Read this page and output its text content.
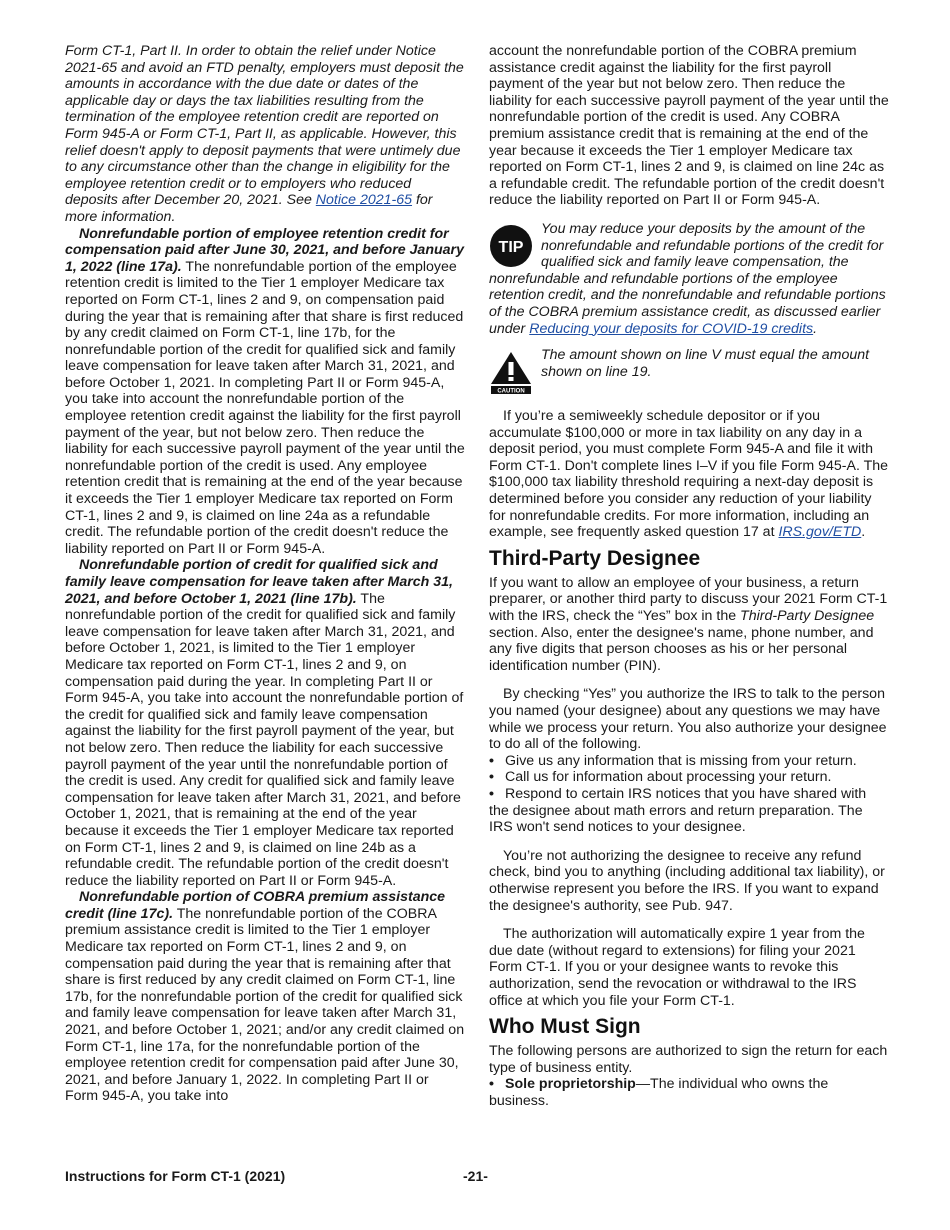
Form CT-1, Part II. In order to obtain the relief under Notice 2021-65 and avoid an FTD penalty, employers must deposit the amounts in accordance with the due date or dates of the applicable day or days the tax liabilities resulting from the termination of the employee retention credit are reported on Form 945-A or Form CT-1, Part II, as applicable. However, this relief doesn't apply to deposit payments that were untimely due to any circumstance other than the change in eligibility for the employee retention credit or to employers who reduced deposits after December 20, 2021. See Notice 2021-65 for more information.

Nonrefundable portion of employee retention credit for compensation paid after June 30, 2021, and before January 1, 2022 (line 17a). The nonrefundable portion of the employee retention credit is limited to the Tier 1 employer Medicare tax reported on Form CT-1, lines 2 and 9, on compensation paid during the year that is remaining after that share is first reduced by any credit claimed on Form CT-1, line 17b, for the nonrefundable portion of the credit for qualified sick and family leave compensation for leave taken after March 31, 2021, and before October 1, 2021. In completing Part II or Form 945-A, you take into account the nonrefundable portion of the employee retention credit against the liability for the first payroll payment of the year, but not below zero. Then reduce the liability for each successive payroll payment of the year until the nonrefundable portion of the credit is used. Any employee retention credit that is remaining at the end of the year because it exceeds the Tier 1 employer Medicare tax reported on Form CT-1, lines 2 and 9, is claimed on line 24a as a refundable credit. The refundable portion of the credit doesn't reduce the liability reported on Part II or Form 945-A.

Nonrefundable portion of credit for qualified sick and family leave compensation for leave taken after March 31, 2021, and before October 1, 2021 (line 17b). The nonrefundable portion of the credit for qualified sick and family leave compensation for leave taken after March 31, 2021, and before October 1, 2021, is limited to the Tier 1 employer Medicare tax reported on Form CT-1, lines 2 and 9, on compensation paid during the year. In completing Part II or Form 945-A, you take into account the nonrefundable portion of the credit for qualified sick and family leave compensation against the liability for the first payroll payment of the year, but not below zero. Then reduce the liability for each successive payroll payment of the year until the nonrefundable portion of the credit is used. Any credit for qualified sick and family leave compensation for leave taken after March 31, 2021, and before October 1, 2021, that is remaining at the end of the year because it exceeds the Tier 1 employer Medicare tax reported on Form CT-1, lines 2 and 9, is claimed on line 24b as a refundable credit. The refundable portion of the credit doesn't reduce the liability reported on Part II or Form 945-A.

Nonrefundable portion of COBRA premium assistance credit (line 17c). The nonrefundable portion of the COBRA premium assistance credit is limited to the Tier 1 employer Medicare tax reported on Form CT-1, lines 2 and 9, on compensation paid during the year that is remaining after that share is first reduced by any credit claimed on Form CT-1, line 17b, for the nonrefundable portion of the credit for qualified sick and family leave compensation for leave taken after March 31, 2021, and before October 1, 2021; and/or any credit claimed on Form CT-1, line 17a, for the nonrefundable portion of the employee retention credit for compensation paid after June 30, 2021, and before January 1, 2022. In completing Part II or Form 945-A, you take into

account the nonrefundable portion of the COBRA premium assistance credit against the liability for the first payroll payment of the year but not below zero. Then reduce the liability for each successive payroll payment of the year until the nonrefundable portion of the credit is used. Any COBRA premium assistance credit that is remaining at the end of the year because it exceeds the Tier 1 employer Medicare tax reported on Form CT-1, lines 2 and 9, is claimed on line 24c as a refundable credit. The refundable portion of the credit doesn't reduce the liability reported on Part II or Form 945-A.

TIP

You may reduce your deposits by the amount of the nonrefundable and refundable portions of the credit for qualified sick and family leave compensation, the nonrefundable and refundable portions of the employee retention credit, and the nonrefundable and refundable portions of the COBRA premium assistance credit, as discussed earlier under Reducing your deposits for COVID-19 credits.

CAUTION

The amount shown on line V must equal the amount shown on line 19.

If you’re a semiweekly schedule depositor or if you accumulate $100,000 or more in tax liability on any day in a deposit period, you must complete Form 945-A and file it with Form CT-1. Don't complete lines I–V if you file Form 945-A. The $100,000 tax liability threshold requiring a next-day deposit is determined before you consider any reduction of your liability for nonrefundable credits. For more information, including an example, see frequently asked question 17 at IRS.gov/ETD.

Third-Party Designee

If you want to allow an employee of your business, a return preparer, or another third party to discuss your 2021 Form CT-1 with the IRS, check the “Yes” box in the Third-Party Designee section. Also, enter the designee's name, phone number, and any five digits that person chooses as his or her personal identification number (PIN).

By checking “Yes” you authorize the IRS to talk to the person you named (your designee) about any questions we may have while we process your return. You also authorize your designee to do all of the following.

• Give us any information that is missing from your return.

• Call us for information about processing your return.

• Respond to certain IRS notices that you have shared with the designee about math errors and return preparation. The IRS won't send notices to your designee.

You’re not authorizing the designee to receive any refund check, bind you to anything (including additional tax liability), or otherwise represent you before the IRS. If you want to expand the designee's authority, see Pub. 947.

The authorization will automatically expire 1 year from the due date (without regard to extensions) for filing your 2021 Form CT-1. If you or your designee wants to revoke this authorization, send the revocation or withdrawal to the IRS office at which you file your Form CT-1.

Who Must Sign

The following persons are authorized to sign the return for each type of business entity.

• Sole proprietorship—The individual who owns the business.

Instructions for Form CT-1 (2021)	-21-
